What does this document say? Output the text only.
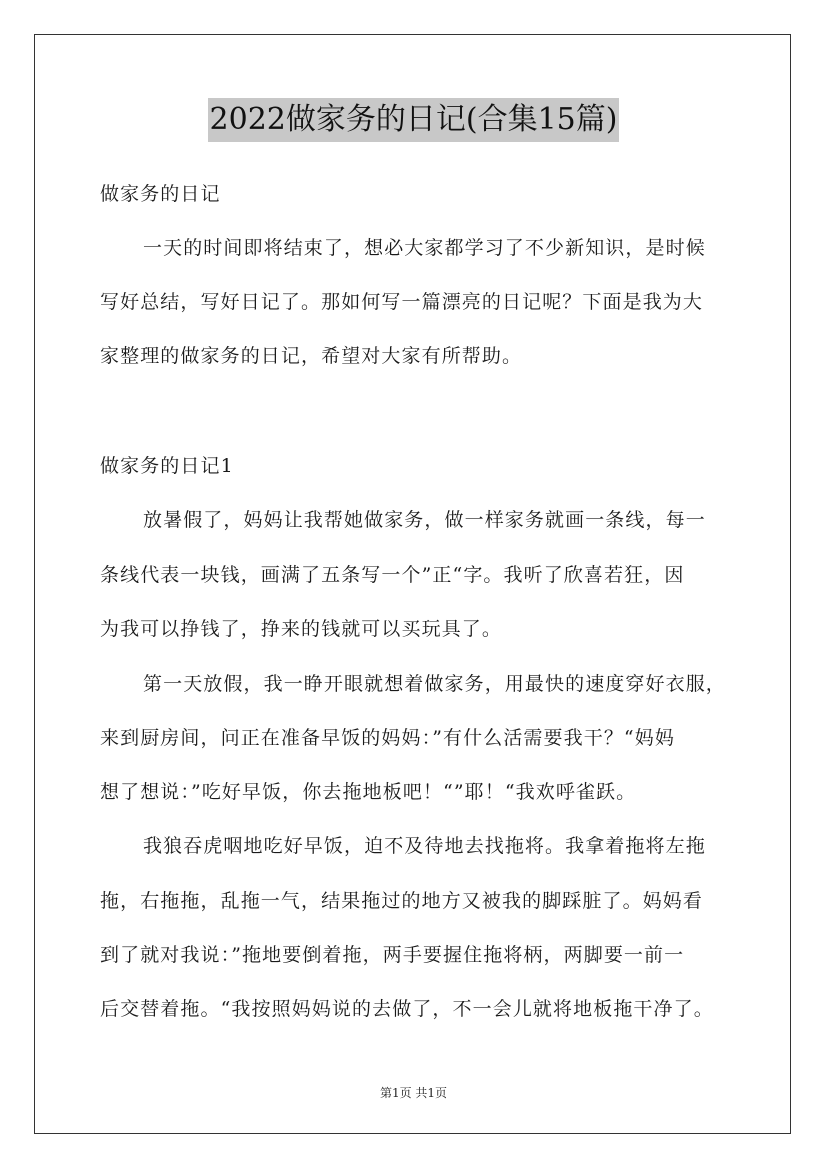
2022做家务的日记(合集15篇)
做家务的日记
一天的时间即将结束了，想必大家都学习了不少新知识，是时候
写好总结，写好日记了。那如何写一篇漂亮的日记呢？下面是我为大
家整理的做家务的日记，希望对大家有所帮助。
做家务的日记1
放暑假了，妈妈让我帮她做家务，做一样家务就画一条线，每一
条线代表一块钱，画满了五条写一个”正“字。我听了欣喜若狂，因
为我可以挣钱了，挣来的钱就可以买玩具了。
第一天放假，我一睁开眼就想着做家务，用最快的速度穿好衣服，
来到厨房间，问正在准备早饭的妈妈：”有什么活需要我干？“妈妈
想了想说：”吃好早饭，你去拖地板吧！“”耶！“我欢呼雀跃。
我狼吞虎咽地吃好早饭，迫不及待地去找拖将。我拿着拖将左拖
拖，右拖拖，乱拖一气，结果拖过的地方又被我的脚踩脏了。妈妈看
到了就对我说：”拖地要倒着拖，两手要握住拖将柄，两脚要一前一
后交替着拖。“我按照妈妈说的去做了，不一会儿就将地板拖干净了。
第1页 共1页
